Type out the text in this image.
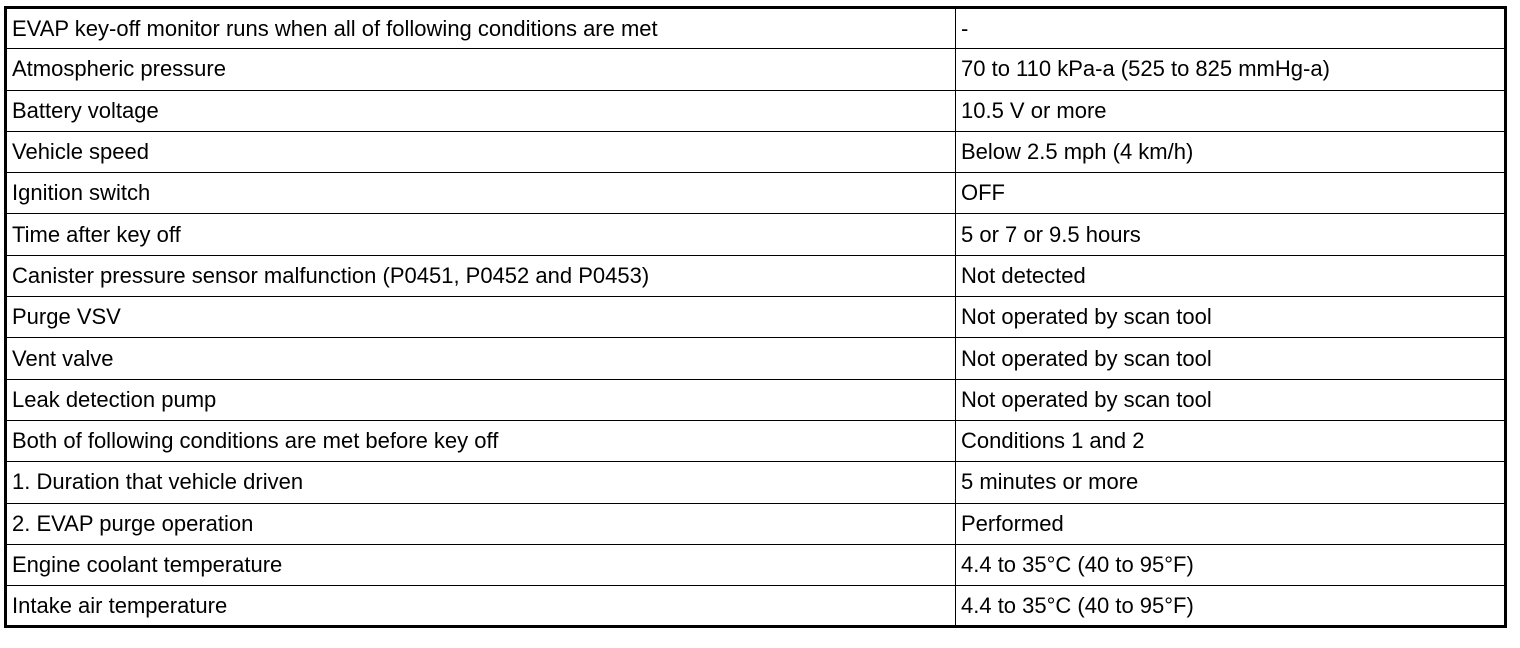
EVAP key-off monitor runs when all of following conditions are met	-
Atmospheric pressure	70 to 110 kPa-a (525 to 825 mmHg-a)
Battery voltage	10.5 V or more
Vehicle speed	Below 2.5 mph (4 km/h)
Ignition switch	OFF
Time after key off	5 or 7 or 9.5 hours
Canister pressure sensor malfunction (P0451, P0452 and P0453)	Not detected
Purge VSV	Not operated by scan tool
Vent valve	Not operated by scan tool
Leak detection pump	Not operated by scan tool
Both of following conditions are met before key off	Conditions 1 and 2
1. Duration that vehicle driven	5 minutes or more
2. EVAP purge operation	Performed
Engine coolant temperature	4.4 to 35°C (40 to 95°F)
Intake air temperature	4.4 to 35°C (40 to 95°F)
